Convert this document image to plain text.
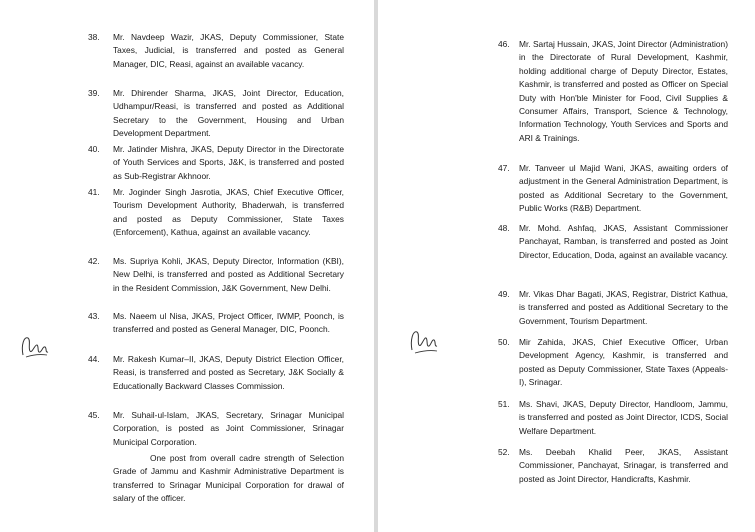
38. Mr. Navdeep Wazir, JKAS, Deputy Commissioner, State Taxes, Judicial, is transferred and posted as General Manager, DIC, Reasi, against an available vacancy.
39. Mr. Dhirender Sharma, JKAS, Joint Director, Education, Udhampur/Reasi, is transferred and posted as Additional Secretary to the Government, Housing and Urban Development Department.
40. Mr. Jatinder Mishra, JKAS, Deputy Director in the Directorate of Youth Services and Sports, J&K, is transferred and posted as Sub-Registrar Akhnoor.
41. Mr. Joginder Singh Jasrotia, JKAS, Chief Executive Officer, Tourism Development Authority, Bhaderwah, is transferred and posted as Deputy Commissioner, State Taxes (Enforcement), Kathua, against an available vacancy.
42. Ms. Supriya Kohli, JKAS, Deputy Director, Information (KBI), New Delhi, is transferred and posted as Additional Secretary in the Resident Commission, J&K Government, New Delhi.
43. Ms. Naeem ul Nisa, JKAS, Project Officer, IWMP, Poonch, is transferred and posted as General Manager, DIC, Poonch.
44. Mr. Rakesh Kumar–II, JKAS, Deputy District Election Officer, Reasi, is transferred and posted as Secretary, J&K Socially & Educationally Backward Classes Commission.
45. Mr. Suhail-ul-Islam, JKAS, Secretary, Srinagar Municipal Corporation, is posted as Joint Commissioner, Srinagar Municipal Corporation.
One post from overall cadre strength of Selection Grade of Jammu and Kashmir Administrative Department is transferred to Srinagar Municipal Corporation for drawal of salary of the officer.
46. Mr. Sartaj Hussain, JKAS, Joint Director (Administration) in the Directorate of Rural Development, Kashmir, holding additional charge of Deputy Director, Estates, Kashmir, is transferred and posted as Officer on Special Duty with Hon'ble Minister for Food, Civil Supplies & Consumer Affairs, Transport, Science & Technology, Information Technology, Youth Services and Sports and ARI & Trainings.
47. Mr. Tanveer ul Majid Wani, JKAS, awaiting orders of adjustment in the General Administration Department, is posted as Additional Secretary to the Government, Public Works (R&B) Department.
48. Mr. Mohd. Ashfaq, JKAS, Assistant Commissioner Panchayat, Ramban, is transferred and posted as Joint Director, Education, Doda, against an available vacancy.
49. Mr. Vikas Dhar Bagati, JKAS, Registrar, District Kathua, is transferred and posted as Additional Secretary to the Government, Tourism Department.
50. Mir Zahida, JKAS, Chief Executive Officer, Urban Development Agency, Kashmir, is transferred and posted as Deputy Commissioner, State Taxes (Appeals- I), Srinagar.
51. Ms. Shavi, JKAS, Deputy Director, Handloom, Jammu, is transferred and posted as Joint Director, ICDS, Social Welfare Department.
52. Ms. Deebah Khalid Peer, JKAS, Assistant Commissioner, Panchayat, Srinagar, is transferred and posted as Joint Director, Handicrafts, Kashmir.
